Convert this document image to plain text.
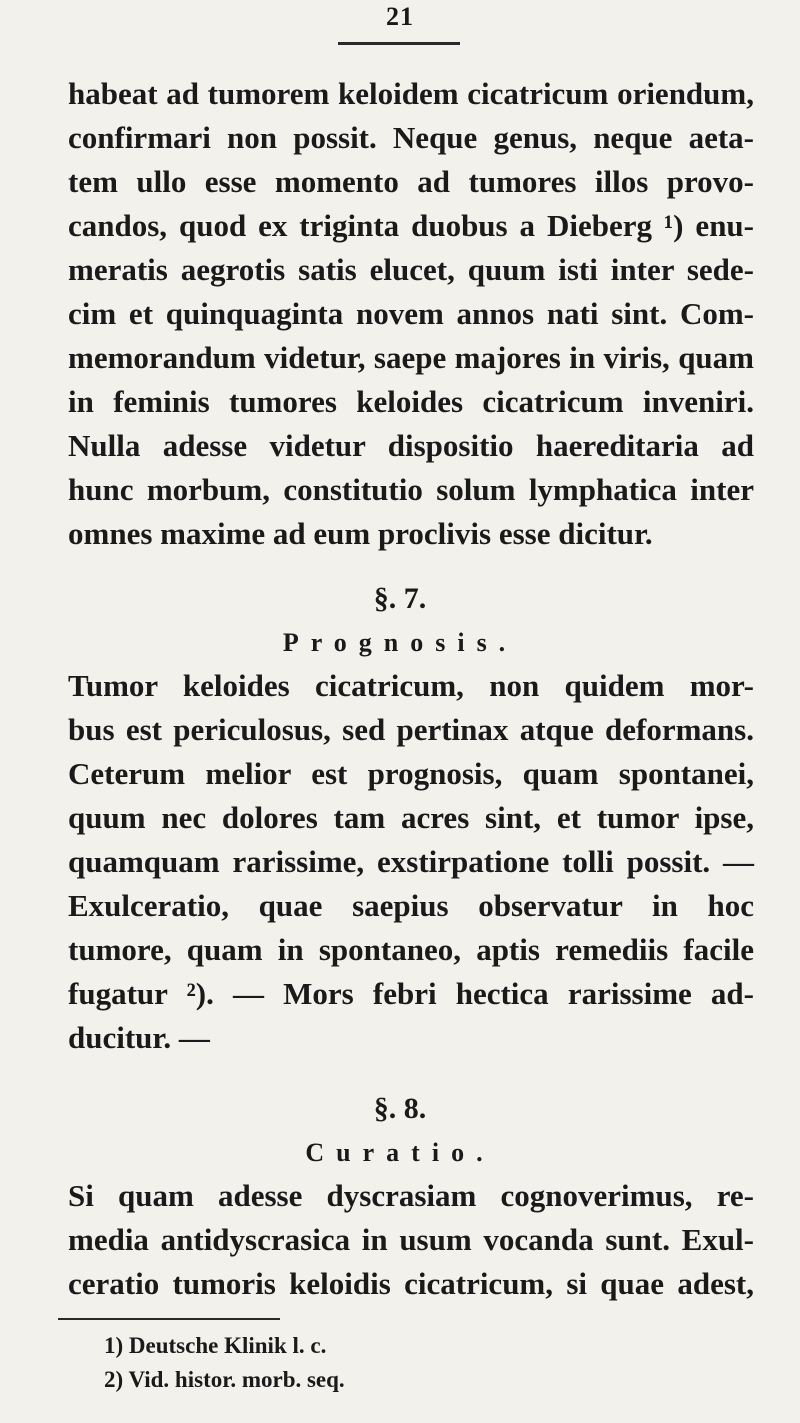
21
habeat ad tumorem keloidem cicatricum oriendum,
confirmari non possit. Neque genus, neque aeta-
tem ullo esse momento ad tumores illos provo-
candos, quod ex triginta duobus a Dieberg ¹) enu-
meratis aegrotis satis elucet, quum isti inter sede-
cim et quinquaginta novem annos nati sint. Com-
memorandum videtur, saepe majores in viris, quam
in feminis tumores keloides cicatricum inveniri.
Nulla adesse videtur dispositio haereditaria ad
hunc morbum, constitutio solum lymphatica inter
omnes maxime ad eum proclivis esse dicitur.
§. 7.
Prognosis.
Tumor keloides cicatricum, non quidem mor-
bus est periculosus, sed pertinax atque deformans.
Ceterum melior est prognosis, quam spontanei,
quum nec dolores tam acres sint, et tumor ipse,
quamquam rarissime, exstirpatione tolli possit. —
Exulceratio, quae saepius observatur in hoc
tumore, quam in spontaneo, aptis remediis facile
fugatur ²). — Mors febri hectica rarissime ad-
ducitur. —
§. 8.
Curatio.
Si quam adesse dyscrasiam cognoverimus, re-
media antidyscrasica in usum vocanda sunt. Exul-
ceratio tumoris keloidis cicatricum, si quae adest,
1) Deutsche Klinik l. c.
2) Vid. histor. morb. seq.
